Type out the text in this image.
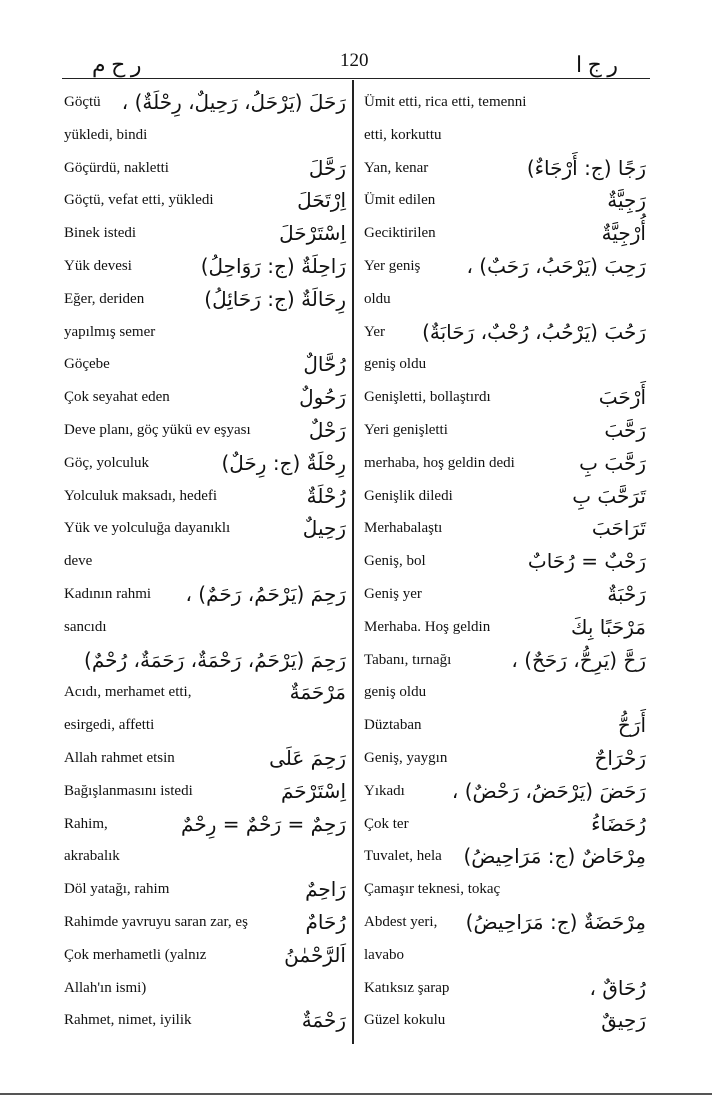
ر ح م	120	ر ج ا
Göçtü رَحَلَ (يَرْحَلُ، رَحِيلٌ، رِحْلَةٌ) ،
yükledi, bindi
Göçürdü, nakletti	رَحَّلَ
Göçtü, vefat etti, yükledi	اِرْتَحَلَ
Binek istedi	اِسْتَرْحَلَ
Yük devesi	رَاحِلَةٌ (ج: رَوَاحِلُ)
Eğer, deriden	رِحَالَةٌ (ج: رَحَائِلُ)
yapılmış semer
Göçebe	رُحَّالٌ
Çok seyahat eden	رَحُولٌ
Deve planı, göç yükü ev eşyası	رَحْلٌ
Göç, yolculuk	رِحْلَةٌ (ج: رِحَلٌ)
Yolculuk maksadı, hedefi	رُحْلَةٌ
Yük ve yolculuğa dayanıklı	رَحِيلٌ
deve
Kadının rahmi رَحِمَ (يَرْحَمُ، رَحَمٌ) ،
sancıdı
رَحِمَ (يَرْحَمُ، رَحْمَةٌ، رَحَمَةٌ، رُحْمٌ)
Acıdı, merhamet etti,	مَرْحَمَةٌ
esirgedi, affetti
Allah rahmet etsin	رَحِمَ عَلَى
Bağışlanmasını istedi	اِسْتَرْحَمَ
Rahim,	رَحِمٌ = رَحْمٌ = رِحْمٌ
akrabalık
Döl yatağı, rahim	رَاحِمٌ
Rahimde yavruyu saran zar, eş	رُحَامٌ
Çok merhametli (yalnız	اَلرَّحْمٰنُ
Allah'ın ismi)
Rahmet, nimet, iyilik	رَحْمَةٌ
Ümit etti, rica etti, temenni
etti, korkuttu
Yan, kenar	رَجًا (ج: أَرْجَاءٌ)
Ümit edilen	رَجِيَّةٌ
Geciktirilen	أُرْجِيَّةٌ
Yer geniş رَحِبَ (يَرْحَبُ، رَحَبٌ) ،
oldu
Yer رَحُبَ (يَرْحُبُ، رُحْبٌ، رَحَابَةٌ)
geniş oldu
Genişletti, bollaştırdı	أَرْحَبَ
Yeri genişletti	رَحَّبَ
merhaba, hoş geldin dedi	رَحَّبَ بِ
Genişlik diledi	تَرَحَّبَ بِ
Merhabalaştı	تَرَاحَبَ
Geniş, bol	رَحْبٌ = رُحَابٌ
Geniş yer	رَحْبَةٌ
Merhaba. Hoş geldin	مَرْحَبًا بِكَ
Tabanı, tırnağı	رَحَّ (يَرِحُّ، رَحَحٌ) ،
geniş oldu
Düztaban	أَرَحُّ
Geniş, yaygın	رَحْرَاحٌ
Yıkadı رَحَضَ (يَرْحَضُ، رَحْضٌ) ،
Çok ter	رُحَضَاءُ
Tuvalet, hela مِرْحَاضٌ (ج: مَرَاحِيضُ)
Çamaşır teknesi, tokaç
Abdest yeri, مِرْحَضَةٌ (ج: مَرَاحِيضُ)
lavabo
Katıksız şarap	رُحَاقٌ ،
Güzel kokulu	رَحِيقٌ
